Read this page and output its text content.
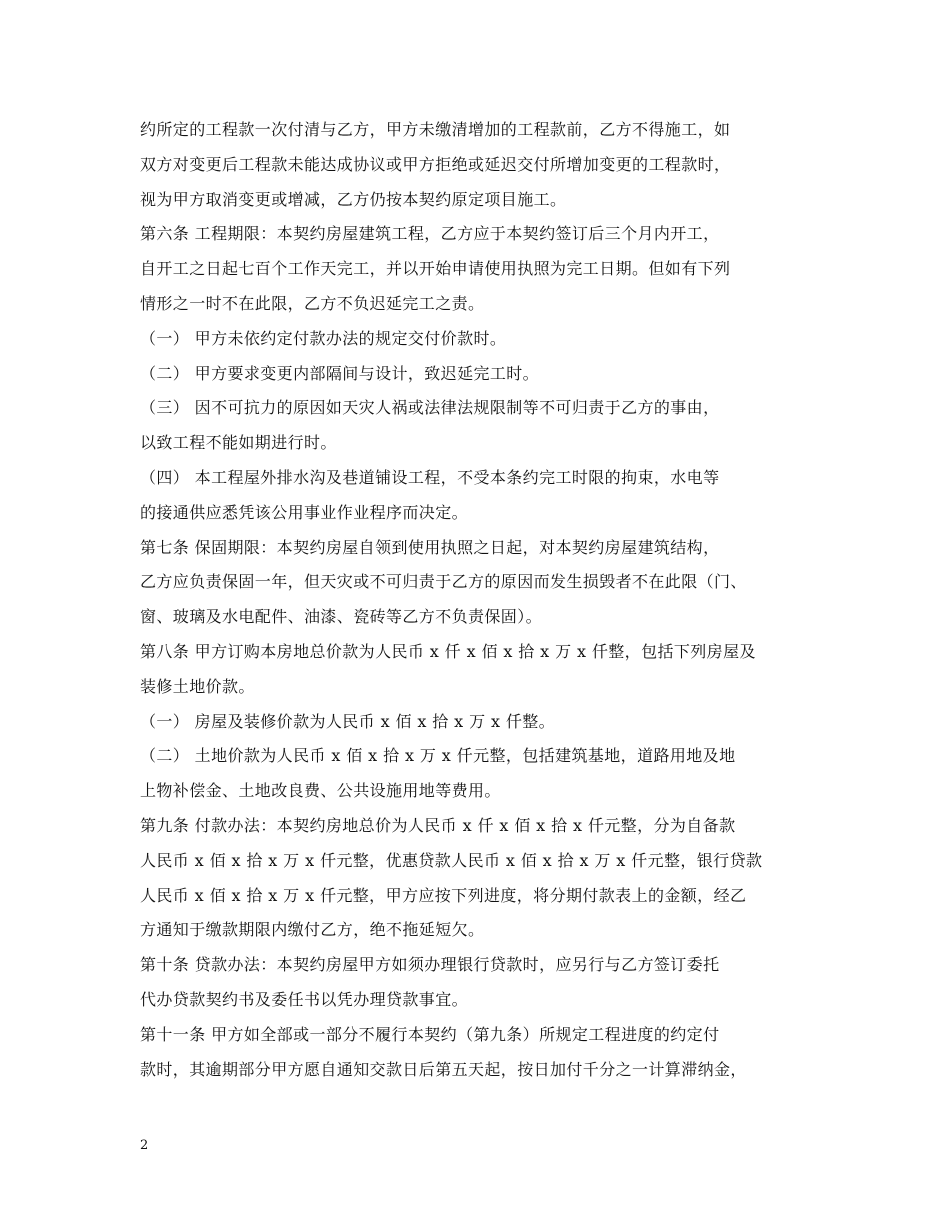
约所定的工程款一次付清与乙方，甲方未缴清增加的工程款前，乙方不得施工，如
双方对变更后工程款未能达成协议或甲方拒绝或延迟交付所增加变更的工程款时，
视为甲方取消变更或增减，乙方仍按本契约原定项目施工。
第六条 工程期限：本契约房屋建筑工程，乙方应于本契约签订后三个月内开工，
自开工之日起七百个工作天完工，并以开始申请使用执照为完工日期。但如有下列
情形之一时不在此限，乙方不负迟延完工之责。
（一） 甲方未依约定付款办法的规定交付价款时。
（二） 甲方要求变更内部隔间与设计，致迟延完工时。
（三） 因不可抗力的原因如天灾人祸或法律法规限制等不可归责于乙方的事由，
以致工程不能如期进行时。
（四） 本工程屋外排水沟及巷道铺设工程，不受本条约完工时限的拘束，水电等
的接通供应悉凭该公用事业作业程序而决定。
第七条 保固期限：本契约房屋自领到使用执照之日起，对本契约房屋建筑结构，
乙方应负责保固一年，但天灾或不可归责于乙方的原因而发生损毁者不在此限（门、
窗、玻璃及水电配件、油漆、瓷砖等乙方不负责保固）。
第八条 甲方订购本房地总价款为人民币 x 仟 x 佰 x 拾 x 万 x 仟整，包括下列房屋及
装修土地价款。
（一） 房屋及装修价款为人民币 x 佰 x 拾 x 万 x 仟整。
（二） 土地价款为人民币 x 佰 x 拾 x 万 x 仟元整，包括建筑基地，道路用地及地
上物补偿金、土地改良费、公共设施用地等费用。
第九条 付款办法：本契约房地总价为人民币 x 仟 x 佰 x 拾 x 仟元整，分为自备款
人民币 x 佰 x 拾 x 万 x 仟元整，优惠贷款人民币 x 佰 x 拾 x 万 x 仟元整，银行贷款
人民币 x 佰 x 拾 x 万 x 仟元整，甲方应按下列进度，将分期付款表上的金额，经乙
方通知于缴款期限内缴付乙方，绝不拖延短欠。
第十条 贷款办法：本契约房屋甲方如须办理银行贷款时，应另行与乙方签订委托
代办贷款契约书及委任书以凭办理贷款事宜。
第十一条 甲方如全部或一部分不履行本契约（第九条）所规定工程进度的约定付
款时，其逾期部分甲方愿自通知交款日后第五天起，按日加付千分之一计算滞纳金，
2
